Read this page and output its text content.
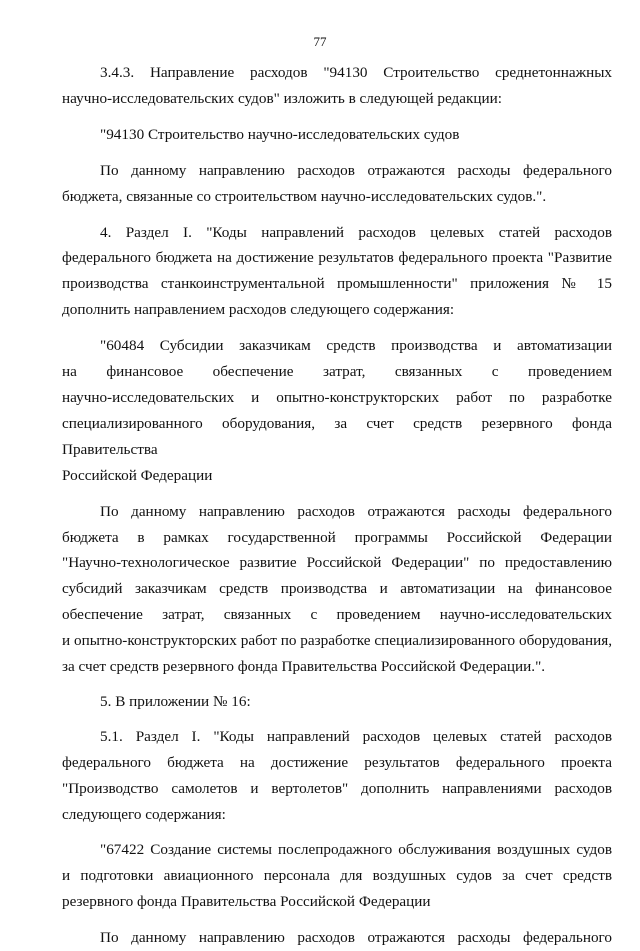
77
3.4.3. Направление расходов "94130 Строительство среднетоннажных
научно-исследовательских судов" изложить в следующей редакции:
"94130 Строительство научно-исследовательских судов
По данному направлению расходов отражаются расходы федерального
бюджета, связанные со строительством научно-исследовательских судов.".
4. Раздел I. "Коды направлений расходов целевых статей расходов
федерального бюджета на достижение результатов федерального проекта "Развитие
производства станкоинструментальной промышленности" приложения № 15
дополнить направлением расходов следующего содержания:
"60484 Субсидии заказчикам средств производства и автоматизации
на финансовое обеспечение затрат, связанных с проведением
научно-исследовательских и опытно-конструкторских работ по разработке
специализированного оборудования, за счет средств резервного фонда Правительства
Российской Федерации
По данному направлению расходов отражаются расходы федерального
бюджета в рамках государственной программы Российской Федерации
"Научно-технологическое развитие Российской Федерации" по предоставлению
субсидий заказчикам средств производства и автоматизации на финансовое
обеспечение затрат, связанных с проведением научно-исследовательских
и опытно-конструкторских работ по разработке специализированного оборудования,
за счет средств резервного фонда Правительства Российской Федерации.".
5. В приложении № 16:
5.1. Раздел I. "Коды направлений расходов целевых статей расходов
федерального бюджета на достижение результатов федерального проекта
"Производство самолетов и вертолетов" дополнить направлениями расходов
следующего содержания:
"67422 Создание системы послепродажного обслуживания воздушных судов
и подготовки авиационного персонала для воздушных судов за счет средств
резервного фонда Правительства Российской Федерации
По данному направлению расходов отражаются расходы федерального
